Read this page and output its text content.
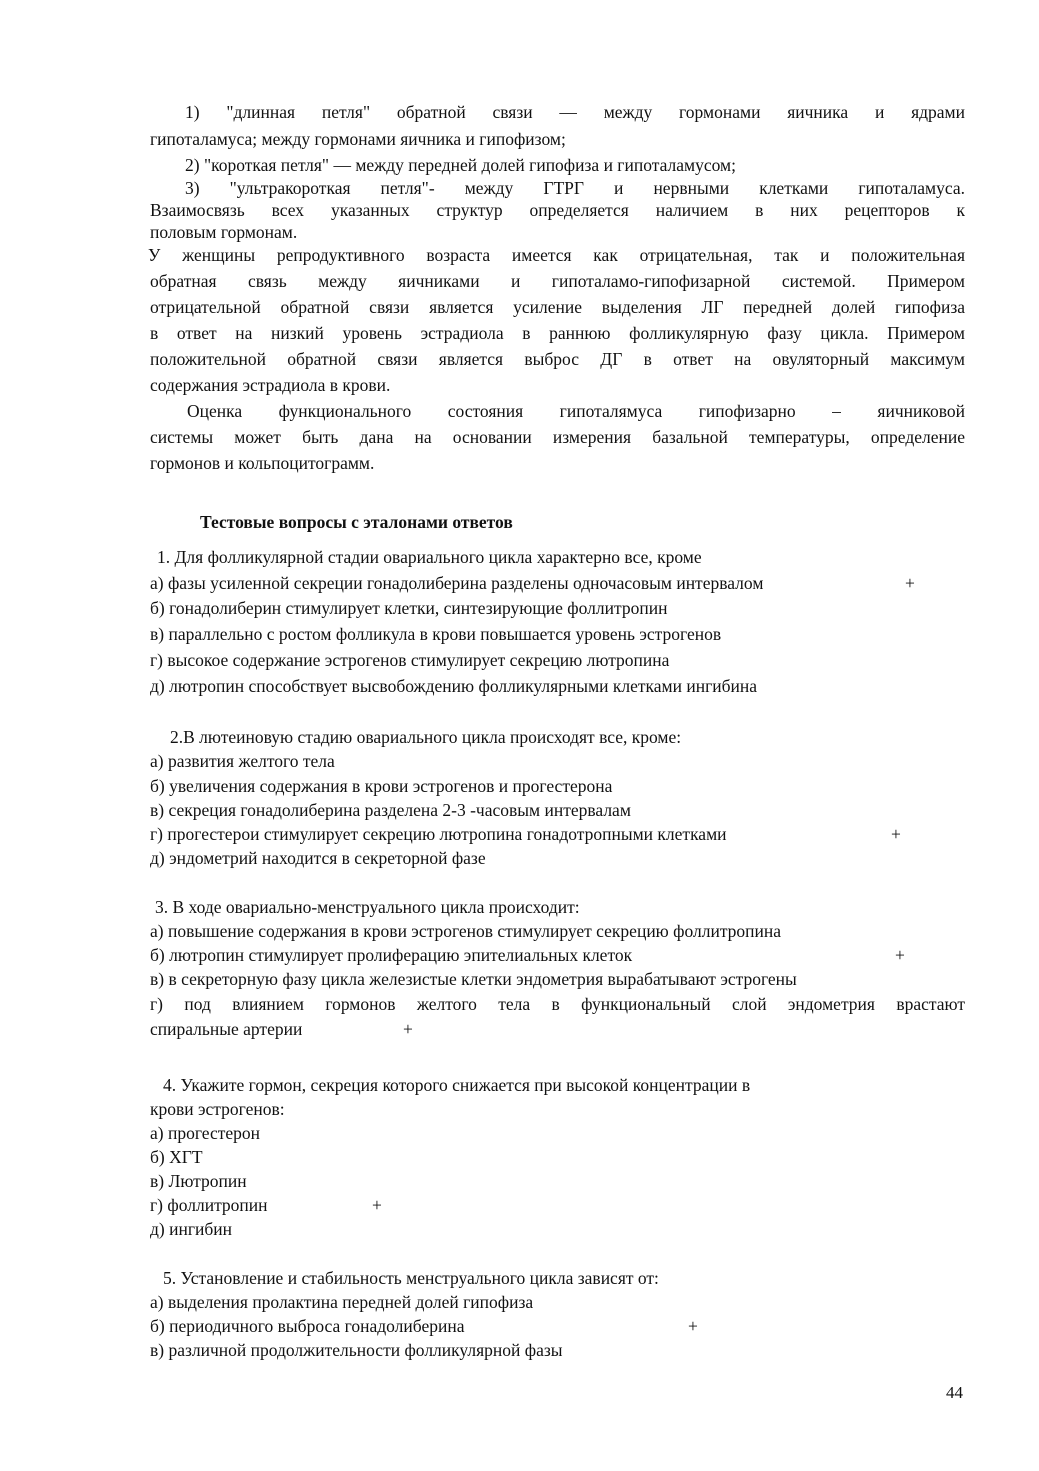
1) "длинная петля" обратной связи — между гормонами яичника и ядрами
гипоталамуса; между гормонами яичника и гипофизом;
2) "короткая петля" — между передней долей гипофиза и гипоталамусом;
3) "ультракороткая петля"- между ГТРГ и нервными клетками гипоталамуса.
Взаимосвязь всех указанных структур определяется наличием в них рецепторов к
половым гормонам.
У женщины репродуктивного возраста имеется как отрицательная, так и положительная
обратная связь между яичниками и гипоталамо-гипофизарной системой. Примером
отрицательной обратной связи является усиление выделения ЛГ передней долей гипофиза
в ответ на низкий уровень эстрадиола в раннюю фолликулярную фазу цикла. Примером
положительной обратной связи является выброс ДГ в ответ на овуляторный максимум
содержания эстрадиола в крови.
Оценка функционального состояния гипоталямуса гипофизарно – яичниковой
системы может быть дана на основании измерения базальной температуры, определение
гормонов и кольпоцитограмм.
Тестовые вопросы с эталонами ответов
1. Для фолликулярной стадии овариального цикла характерно все, кроме
а) фазы усиленной секреции гонадолиберина разделены одночасовым интервалом	+
б) гонадолиберин стимулирует клетки, синтезирующие фоллитропин
в) параллельно с ростом фолликула в крови повышается уровень эстрогенов
г) высокое содержание эстрогенов стимулирует секрецию лютропина
д) лютропин способствует высвобождению фолликулярными клетками ингибина
2.В лютеиновую стадию овариального цикла происходят все, кроме:
а) развития желтого тела
б) увеличения содержания в крови эстрогенов и прогестерона
в) секреция гонадолиберина разделена 2-3 -часовым интервалам
г) прогестерои стимулирует секрецию лютропина гонадотропными клетками	+
д) эндометрий находится в секреторной фазе
3. В ходе овариально-менструального цикла происходит:
а) повышение содержания в крови эстрогенов стимулирует секрецию фоллитропина
б) лютропин стимулирует пролиферацию эпителиальных клеток	+
в) в секреторную фазу цикла железистые клетки эндометрия вырабатывают эстрогены
г) под влиянием гормонов желтого тела в функциональный слой эндометрия врастают
спиральные артерии	+
4. Укажите гормон, секреция которого снижается при высокой концентрации в
крови эстрогенов:
а) прогестерон
б) ХГТ
в) Лютропин
г) фоллитропин	+
д) ингибин
5. Установление и стабильность менструального цикла зависят от:
а) выделения пролактина передней долей гипофиза
б) периодичного выброса гонадолиберина	+
в) различной продолжительности фолликулярной фазы
44
